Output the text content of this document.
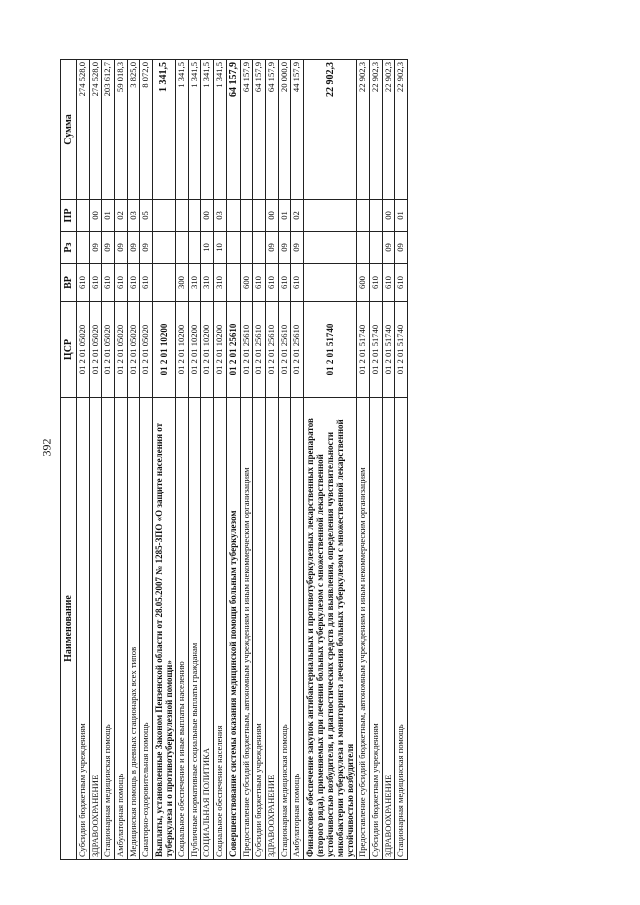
392
Наименование	ЦСР	ВР	Рз	ПР	Сумма
Субсидии бюджетным учреждениям	01 2 01 05020	610			274 528,0
ЗДРАВООХРАНЕНИЕ	01 2 01 05020	610	09	00	274 528,0
Стационарная медицинская помощь	01 2 01 05020	610	09	01	203 612,7
Амбулаторная помощь	01 2 01 05020	610	09	02	59 018,3
Медицинская помощь в дневных стационарах всех типов	01 2 01 05020	610	09	03	3 825,0
Санаторно-оздоровительная помощь	01 2 01 05020	610	09	05	8 072,0
Выплаты, установленные Законом Пензенской области от 28.05.2007 № 1285-ЗПО «О защите населения от туберкулеза и о противотуберкулезной помощи»	01 2 01 10200				1 341,5
Социальное обеспечение и иные выплаты населению	01 2 01 10200	300			1 341,5
Публичные нормативные социальные выплаты гражданам	01 2 01 10200	310			1 341,5
СОЦИАЛЬНАЯ ПОЛИТИКА	01 2 01 10200	310	10	00	1 341,5
Социальное обеспечение населения	01 2 01 10200	310	10	03	1 341,5
Совершенствование системы оказания медицинской помощи больным туберкулезом	01 2 01 25610				64 157,9
Предоставление субсидий бюджетным, автономным учреждениям и иным некоммерческим организациям	01 2 01 25610	600			64 157,9
Субсидии бюджетным учреждениям	01 2 01 25610	610			64 157,9
ЗДРАВООХРАНЕНИЕ	01 2 01 25610	610	09	00	64 157,9
Стационарная медицинская помощь	01 2 01 25610	610	09	01	20 000,0
Амбулаторная помощь	01 2 01 25610	610	09	02	44 157,9
Финансовое обеспечение закупок антибактериальных и противотуберкулезных лекарственных препаратов (второго ряда), применяемых при лечении больных туберкулезом с множественной лекарственной устойчивостью возбудителя, и диагностических средств для выявления, определения чувствительности микобактерии туберкулеза и мониторинга лечения больных туберкулезом с множественной лекарственной устойчивостью возбудителя	01 2 01 51740				22 902,3
Предоставление субсидий бюджетным, автономным учреждениям и иным некоммерческим организациям	01 2 01 51740	600			22 902,3
Субсидии бюджетным учреждениям	01 2 01 51740	610			22 902,3
ЗДРАВООХРАНЕНИЕ	01 2 01 51740	610	09	00	22 902,3
Стационарная медицинская помощь	01 2 01 51740	610	09	01	22 902,3
